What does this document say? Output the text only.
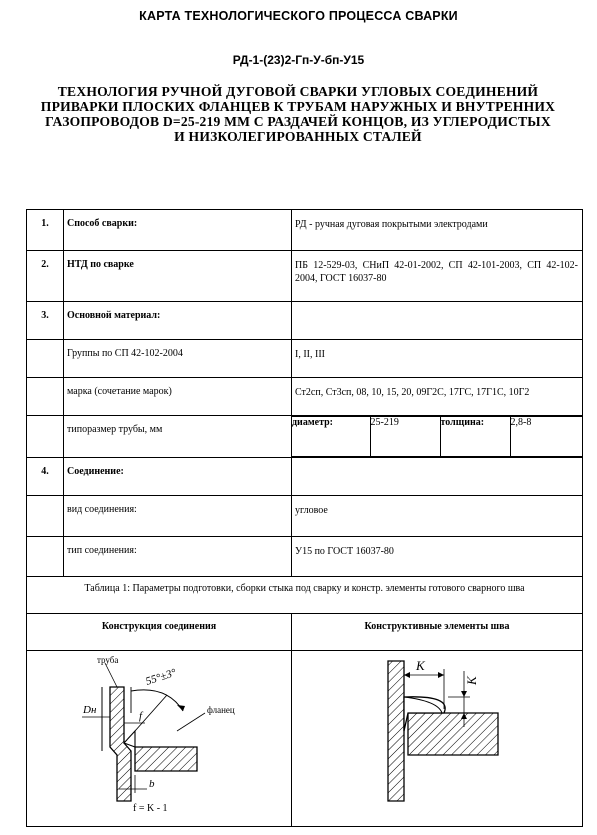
КАРТА ТЕХНОЛОГИЧЕСКОГО ПРОЦЕССА СВАРКИ
РД-1-(23)2-Гп-У-бп-У15
ТЕХНОЛОГИЯ РУЧНОЙ ДУГОВОЙ СВАРКИ УГЛОВЫХ СОЕДИНЕНИЙ ПРИВАРКИ ПЛОСКИХ ФЛАНЦЕВ К ТРУБАМ НАРУЖНЫХ И ВНУТРЕННИХ ГАЗОПРОВОДОВ D=25-219 ММ С РАЗДАЧЕЙ КОНЦОВ, ИЗ УГЛЕРОДИСТЫХ И НИЗКОЛЕГИРОВАННЫХ СТАЛЕЙ
1.	Способ сварки:	РД - ручная дуговая покрытыми электродами
2.	НТД по сварке	ПБ 12-529-03, СНиП 42-01-2002, СП 42-101-2003, СП 42-102-2004, ГОСТ 16037-80
3.	Основной материал:	
	Группы по СП 42-102-2004	I, II, III
	марка (сочетание марок)	Ст2сп, Ст3сп, 08, 10, 15, 20, 09Г2С, 17ГС, 17Г1С, 10Г2
	типоразмер трубы, мм	
диаметр:	25-219	толщина:	2,8-8

4.	Соединение:	
	вид соединения:	угловое
	тип соединения:	У15 по ГОСТ 16037-80
Таблица 1: Параметры подготовки, сборки стыка под сварку и констр. элементы готового сварного шва
Конструкция соединения	Конструктивные элементы шва

55°±3°
труба
фланец
Dн	f
b
f = K - 1

K
K
